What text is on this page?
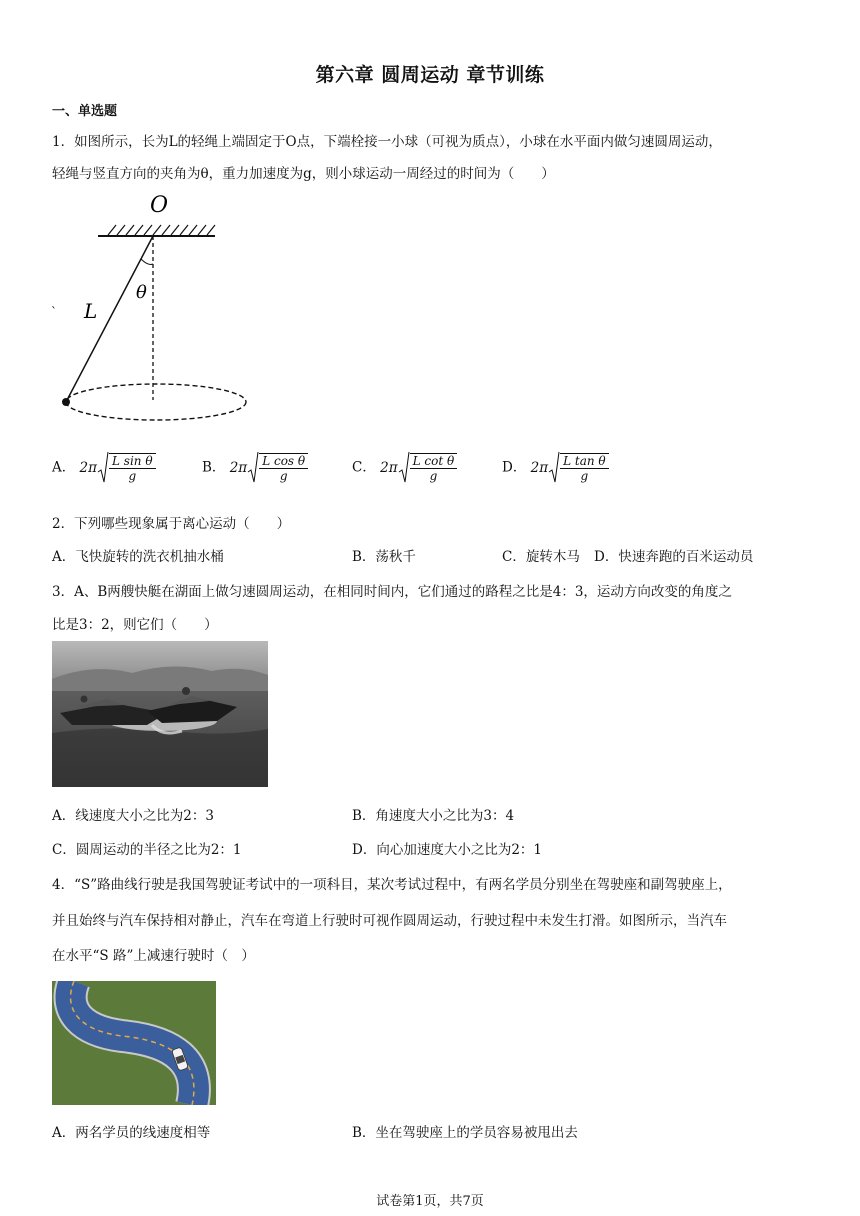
第六章 圆周运动 章节训练
一、单选题
1．如图所示，长为L的轻绳上端固定于O点，下端栓接一小球（可视为质点），小球在水平面内做匀速圆周运动，
轻绳与竖直方向的夹角为θ，重力加速度为g，则小球运动一周经过的时间为（　　）
O
θ
L
`
A． $2\pi \frac{\text{L sin θ}}{g}$	B． $2\pi \frac{\text{L cos θ}}{g}$	C． $2\pi \frac{\text{L cot θ}}{g}$	D． $2\pi \frac{\text{L tan θ}}{g}$
2．下列哪些现象属于离心运动（　　）
A．飞快旋转的洗衣机抽水桶	B．荡秋千	C．旋转木马 D．快速奔跑的百米运动员
3．A、B两艘快艇在湖面上做匀速圆周运动，在相同时间内，它们通过的路程之比是4：3，运动方向改变的角度之
比是3：2，则它们（　　）
A．线速度大小之比为2：3	B．角速度大小之比为3：4
C．圆周运动的半径之比为2：1	D．向心加速度大小之比为2：1
4．“S”路曲线行驶是我国驾驶证考试中的一项科目，某次考试过程中，有两名学员分别坐在驾驶座和副驾驶座上，
并且始终与汽车保持相对静止，汽车在弯道上行驶时可视作圆周运动，行驶过程中未发生打滑。如图所示，当汽车
在水平“S 路”上减速行驶时（　）
A．两名学员的线速度相等	B．坐在驾驶座上的学员容易被甩出去
试卷第1页，共7页
